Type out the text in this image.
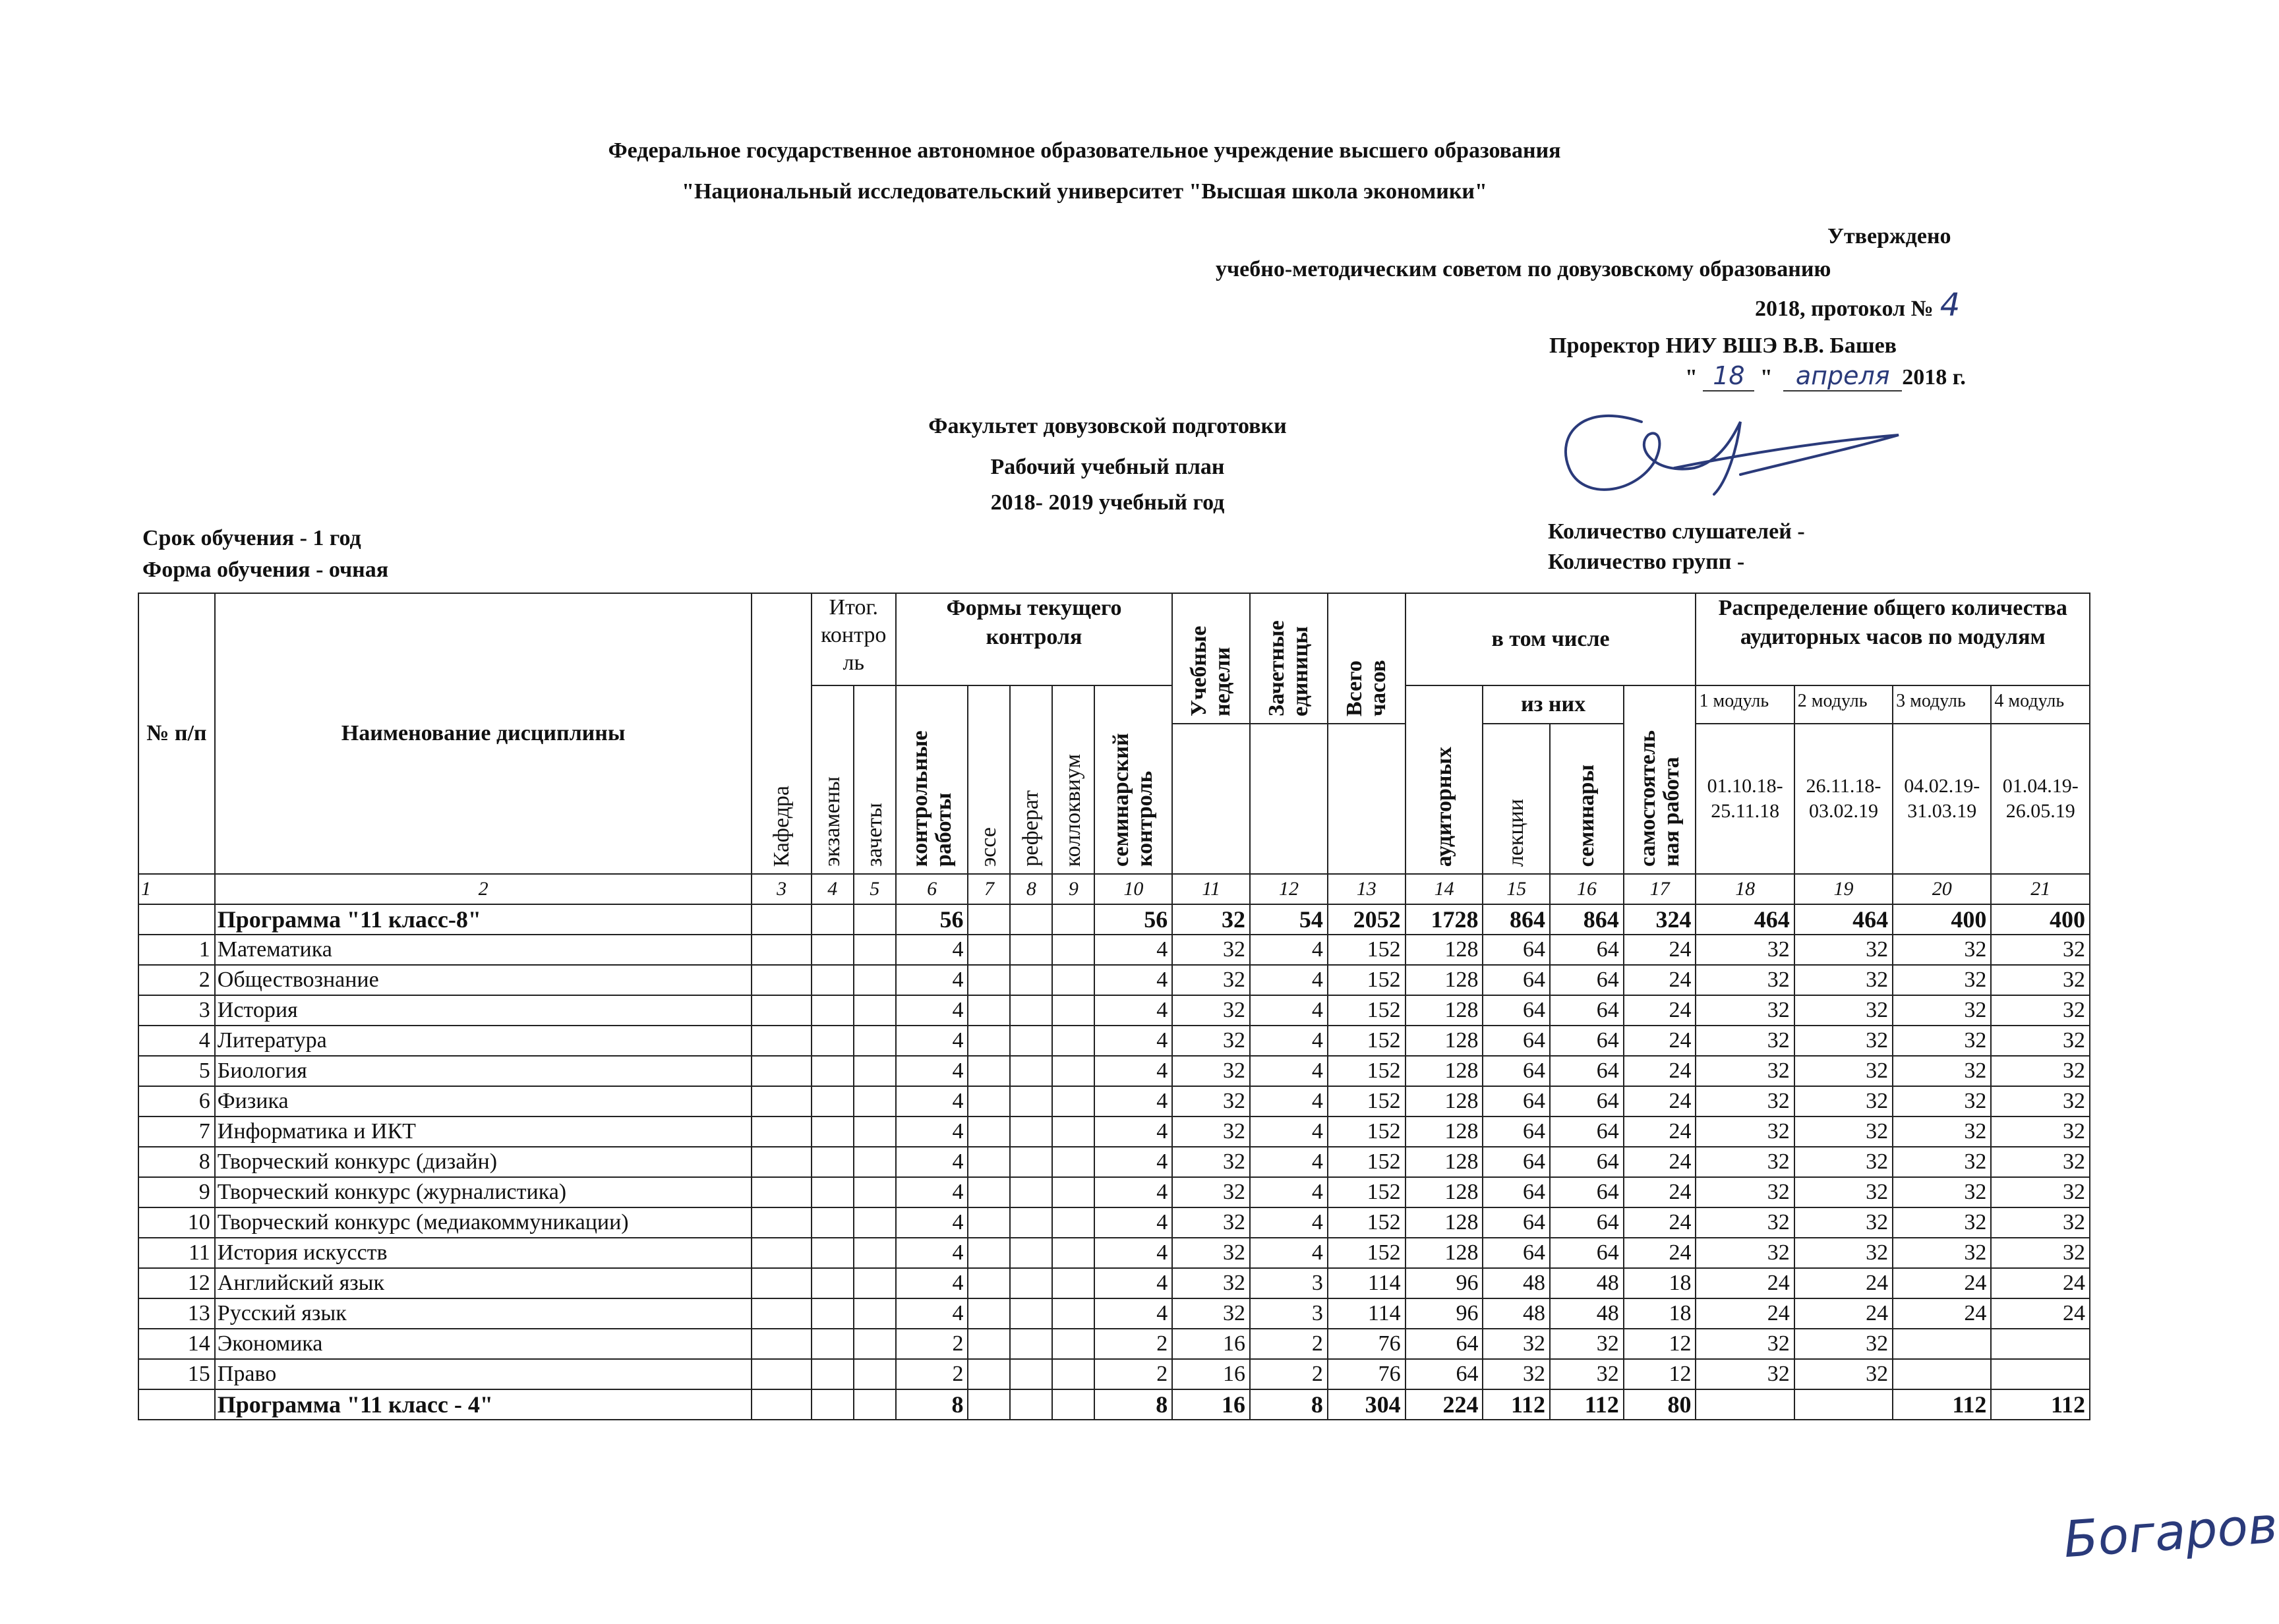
Федеральное государственное автономное образовательное учреждение высшего образования
"Национальный исследовательский университет "Высшая школа экономики"
Утверждено
учебно-методическим советом по довузовскому образованию
2018, протокол № 4
Проректор НИУ ВШЭ В.В. Башев
" 18 " апреля 2018 г.
Факультет довузовской подготовки
Рабочий учебный план
2018- 2019 учебный год
Срок обучения - 1 год
Форма обучения - очная
Количество слушателей -
Количество групп -
№ п/п	Наименование дисциплины	Кафедра	Итог. контро ль		Формы текущего контроля					Учебные недели	Зачетные единицы	Всего часов	в том числе				Распределение общего количества аудиторных часов по модулям			

			экзамены	зачеты	контрольные работы	эссе	реферат	коллоквиум	семинарский контроль				аудиторных	из них		самостоятель ная работа	1 модуль	2 модуль	3 модуль	4 модуль

														лекции	семинары		01.10.18- 25.11.18	26.11.18- 03.02.19	04.02.19- 31.03.19	01.04.19- 26.05.19
1	2	3	4	5	6	7	8	9	10	11	12	13	14	15	16	17	18	19	20	21
	Программа "11 класс-8"				56				56	32	54	2052	1728	864	864	324	464	464	400	400
1	Математика				4				4	32	4	152	128	64	64	24	32	32	32	32
2	Обществознание				4				4	32	4	152	128	64	64	24	32	32	32	32
3	История				4				4	32	4	152	128	64	64	24	32	32	32	32
4	Литература				4				4	32	4	152	128	64	64	24	32	32	32	32
5	Биология				4				4	32	4	152	128	64	64	24	32	32	32	32
6	Физика				4				4	32	4	152	128	64	64	24	32	32	32	32
7	Информатика и ИКТ				4				4	32	4	152	128	64	64	24	32	32	32	32
8	Творческий конкурс (дизайн)				4				4	32	4	152	128	64	64	24	32	32	32	32
9	Творческий конкурс (журналистика)				4				4	32	4	152	128	64	64	24	32	32	32	32
10	Творческий конкурс (медиакоммуникации)				4				4	32	4	152	128	64	64	24	32	32	32	32
11	История искусств				4				4	32	4	152	128	64	64	24	32	32	32	32
12	Английский язык				4				4	32	3	114	96	48	48	18	24	24	24	24
13	Русский язык				4				4	32	3	114	96	48	48	18	24	24	24	24
14	Экономика				2				2	16	2	76	64	32	32	12	32	32		
15	Право				2				2	16	2	76	64	32	32	12	32	32		
	Программа "11 класс - 4"				8				8	16	8	304	224	112	112	80			112	112
Богаров
